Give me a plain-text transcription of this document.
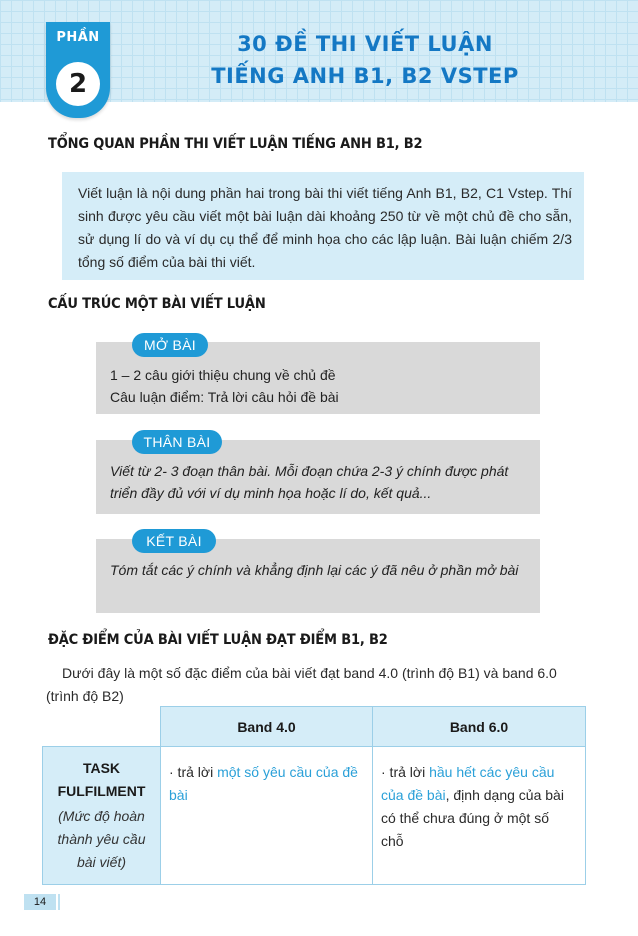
PHẦN
2
30 ĐỀ THI VIẾT LUẬN
TIẾNG ANH B1, B2 VSTEP
TỔNG QUAN PHẦN THI VIẾT LUẬN TIẾNG ANH B1, B2

Viết luận là nội dung phần hai trong bài thi viết tiếng Anh B1, B2, C1 Vstep. Thí sinh được yêu cầu viết một bài luận dài khoảng 250 từ về một chủ đề cho sẵn, sử dụng lí do và ví dụ cụ thể để minh họa cho các lập luận. Bài luận chiếm 2/3 tổng số điểm của bài thi viết.

CẤU TRÚC MỘT BÀI VIẾT LUẬN
1 – 2 câu giới thiệu chung về chủ đề
Câu luận điểm: Trả lời câu hỏi đề bài
MỞ BÀI
Viết từ 2- 3 đoạn thân bài. Mỗi đoạn chứa 2-3 ý chính được phát triển đầy đủ với ví dụ minh họa hoặc lí do, kết quả...
THÂN BÀI
Tóm tắt các ý chính và khẳng định lại các ý đã nêu ở phần mở bài
KẾT BÀI
ĐẶC ĐIỂM CỦA BÀI VIẾT LUẬN ĐẠT ĐIỂM B1, B2
Dưới đây là một số đặc điểm của bài viết đạt band 4.0 (trình độ B1) và band 6.0 (trình độ B2)
	Band 4.0	Band 6.0

TASK FULFILMENT
(Mức độ hoàn thành yêu cầu bài viết)	· trả lời một số yêu cầu của đề bài	· trả lời hầu hết các yêu cầu của đề bài, định dạng của bài có thể chưa đúng ở một số chỗ
14
